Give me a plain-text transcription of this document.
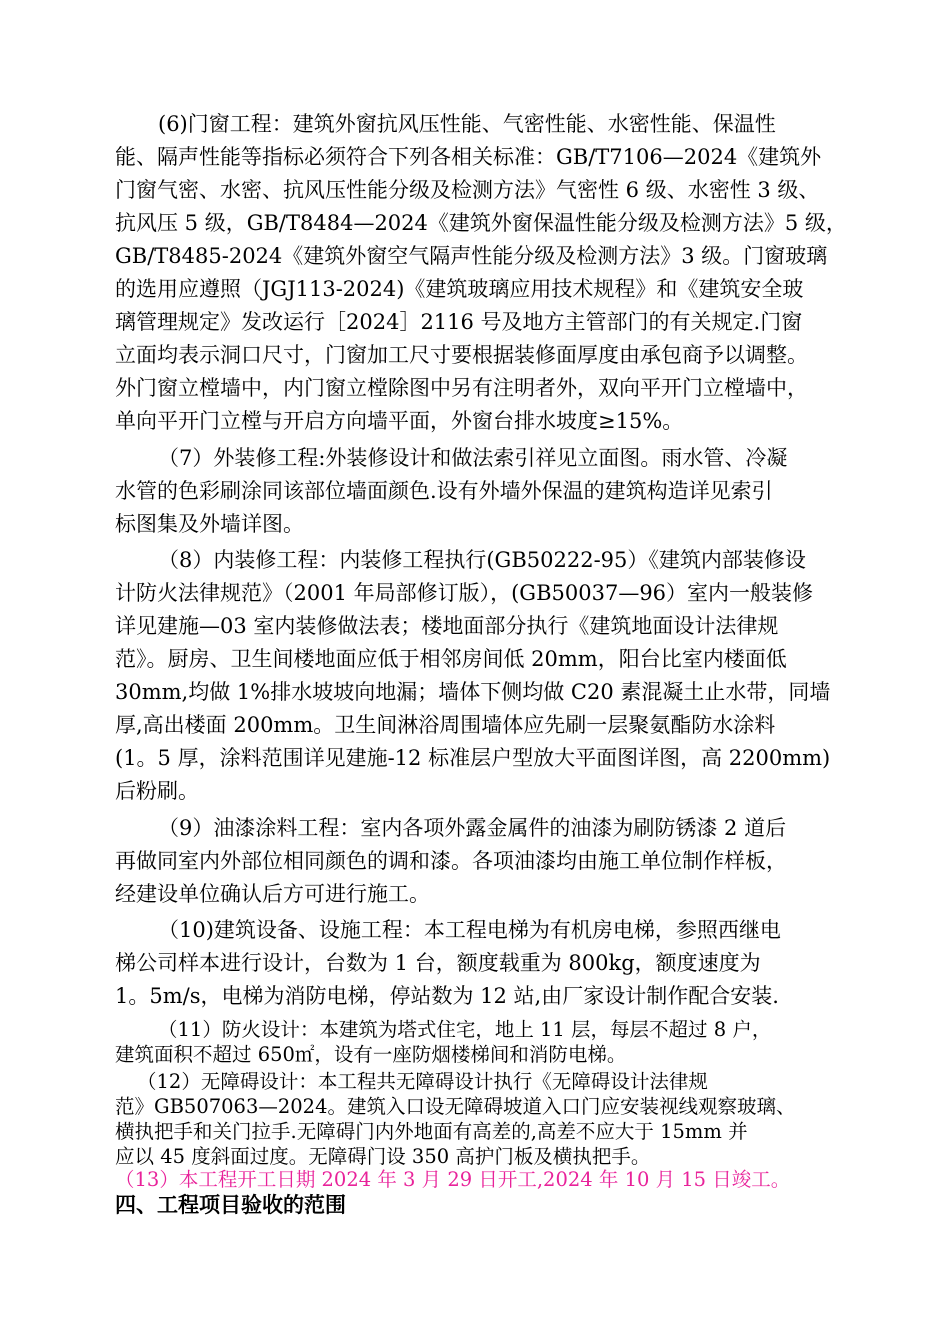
(6)门窗工程：建筑外窗抗风压性能、气密性能、水密性能、保温性
能、隔声性能等指标必须符合下列各相关标准：GB/T7106—2024《建筑外
门窗气密、水密、抗风压性能分级及检测方法》气密性 6 级、水密性 3 级、
抗风压 5 级，GB/T8484—2024《建筑外窗保温性能分级及检测方法》5 级，
GB/T8485-2024《建筑外窗空气隔声性能分级及检测方法》3 级。门窗玻璃
的选用应遵照（JGJ113-2024)《建筑玻璃应用技术规程》和《建筑安全玻
璃管理规定》发改运行［2024］2116 号及地方主管部门的有关规定.门窗
立面均表示洞口尺寸，门窗加工尺寸要根据装修面厚度由承包商予以调整。
外门窗立樘墙中，内门窗立樘除图中另有注明者外，双向平开门立樘墙中，
单向平开门立樘与开启方向墙平面，外窗台排水坡度≥15%。
（7）外装修工程:外装修设计和做法索引祥见立面图。雨水管、冷凝
水管的色彩刷涂同该部位墙面颜色.设有外墙外保温的建筑构造详见索引
标图集及外墙详图。
（8）内装修工程：内装修工程执行(GB50222-95）《建筑内部装修设
计防火法律规范》（2001 年局部修订版），(GB50037—96）室内一般装修
详见建施—03 室内装修做法表；楼地面部分执行《建筑地面设计法律规
范》。厨房、卫生间楼地面应低于相邻房间低 20mm，阳台比室内楼面低
30mm,均做 1%排水坡坡向地漏；墙体下侧均做 C20 素混凝土止水带，同墙
厚,高出楼面 200mm。卫生间淋浴周围墙体应先刷一层聚氨酯防水涂料
(1。5 厚，涂料范围详见建施-12 标准层户型放大平面图详图，高 2200mm)
后粉刷。
（9）油漆涂料工程：室内各项外露金属件的油漆为刷防锈漆 2 道后
再做同室内外部位相同颜色的调和漆。各项油漆均由施工单位制作样板，
经建设单位确认后方可进行施工。
（10)建筑设备、设施工程：本工程电梯为有机房电梯，参照西继电
梯公司样本进行设计，台数为 1 台，额度载重为 800kg，额度速度为
1。5m/s，电梯为消防电梯，停站数为 12 站,由厂家设计制作配合安装.
（11）防火设计：本建筑为塔式住宅，地上 11 层，每层不超过 8 户，
建筑面积不超过 650㎡，设有一座防烟楼梯间和消防电梯。
（12）无障碍设计：本工程共无障碍设计执行《无障碍设计法律规
范》GB507063—2024。建筑入口设无障碍坡道入口门应安装视线观察玻璃、
横执把手和关门拉手.无障碍门内外地面有高差的,高差不应大于 15mm 并
应以 45 度斜面过度。无障碍门设 350 高护门板及横执把手。
（13）本工程开工日期 2024 年 3 月 29 日开工,2024 年 10 月 15 日竣工。
四、工程项目验收的范围
